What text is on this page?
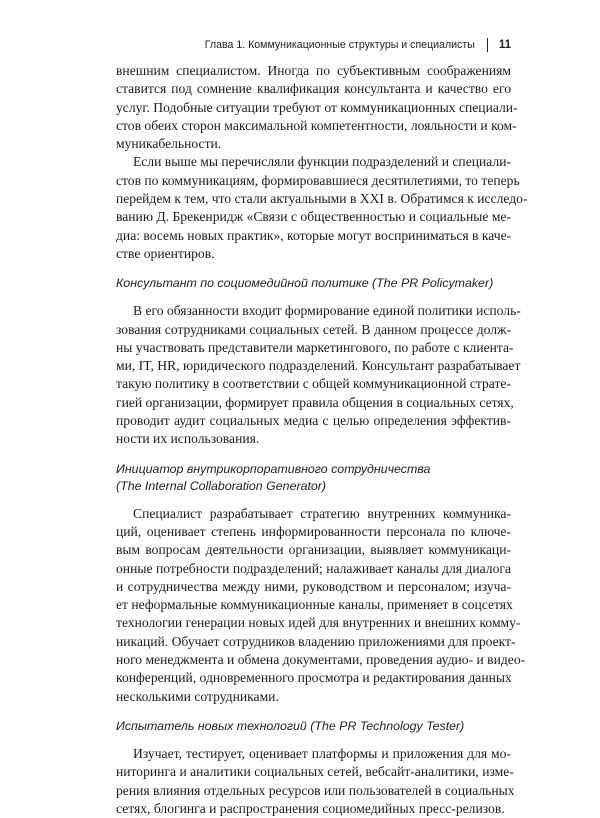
Глава 1. Коммуникационные структуры и специалисты 11

внешним специалистом. Иногда по субъективным соображениям

ставится под сомнение квалификация консультанта и качество его

услуг. Подобные ситуации требуют от коммуникационных специали-

стов обеих сторон максимальной компетентности, лояльности и ком-

муникабельности.

Если выше мы перечисляли функции подразделений и специали-

стов по коммуникациям, формировавшиеся десятилетиями, то теперь

перейдем к тем, что стали актуальными в XXI в. Обратимся к исследо-

ванию Д. Брекенридж «Связи с общественностью и социальные ме-

диа: восемь новых практик», которые могут восприниматься в каче-

стве ориентиров.

Консультант по социомедийной политике (The PR Policymaker)

В его обязанности входит формирование единой политики исполь-

зования сотрудниками социальных сетей. В данном процессе долж-

ны участвовать представители маркетингового, по работе с клиента-

ми, IT, HR, юридического подразделений. Консультант разрабатывает

такую политику в соответствии с общей коммуникационной страте-

гией организации, формирует правила общения в социальных сетях,

проводит аудит социальных медиа с целью определения эффектив-

ности их использования.

Инициатор внутрикорпоративного сотрудничества
(The Internal Collaboration Generator)

Специалист разрабатывает стратегию внутренних коммуника-

ций, оценивает степень информированности персонала по ключе-

вым вопросам деятельности организации, выявляет коммуникаци-

онные потребности подразделений; налаживает каналы для диалога

и сотрудничества между ними, руководством и персоналом; изуча-

ет неформальные коммуникационные каналы, применяет в соцсетях

технологии генерации новых идей для внутренних и внешних комму-

никаций. Обучает сотрудников владению приложениями для проект-

ного менеджмента и обмена документами, проведения аудио- и видео-

конференций, одновременного просмотра и редактирования данных

несколькими сотрудниками.

Испытатель новых технологий (The PR Technology Tester)

Изучает, тестирует, оценивает платформы и приложения для мо-

ниторинга и аналитики социальных сетей, вебсайт-аналитики, изме-

рения влияния отдельных ресурсов или пользователей в социальных

сетях, блогинга и распространения социомедийных пресс-релизов.
